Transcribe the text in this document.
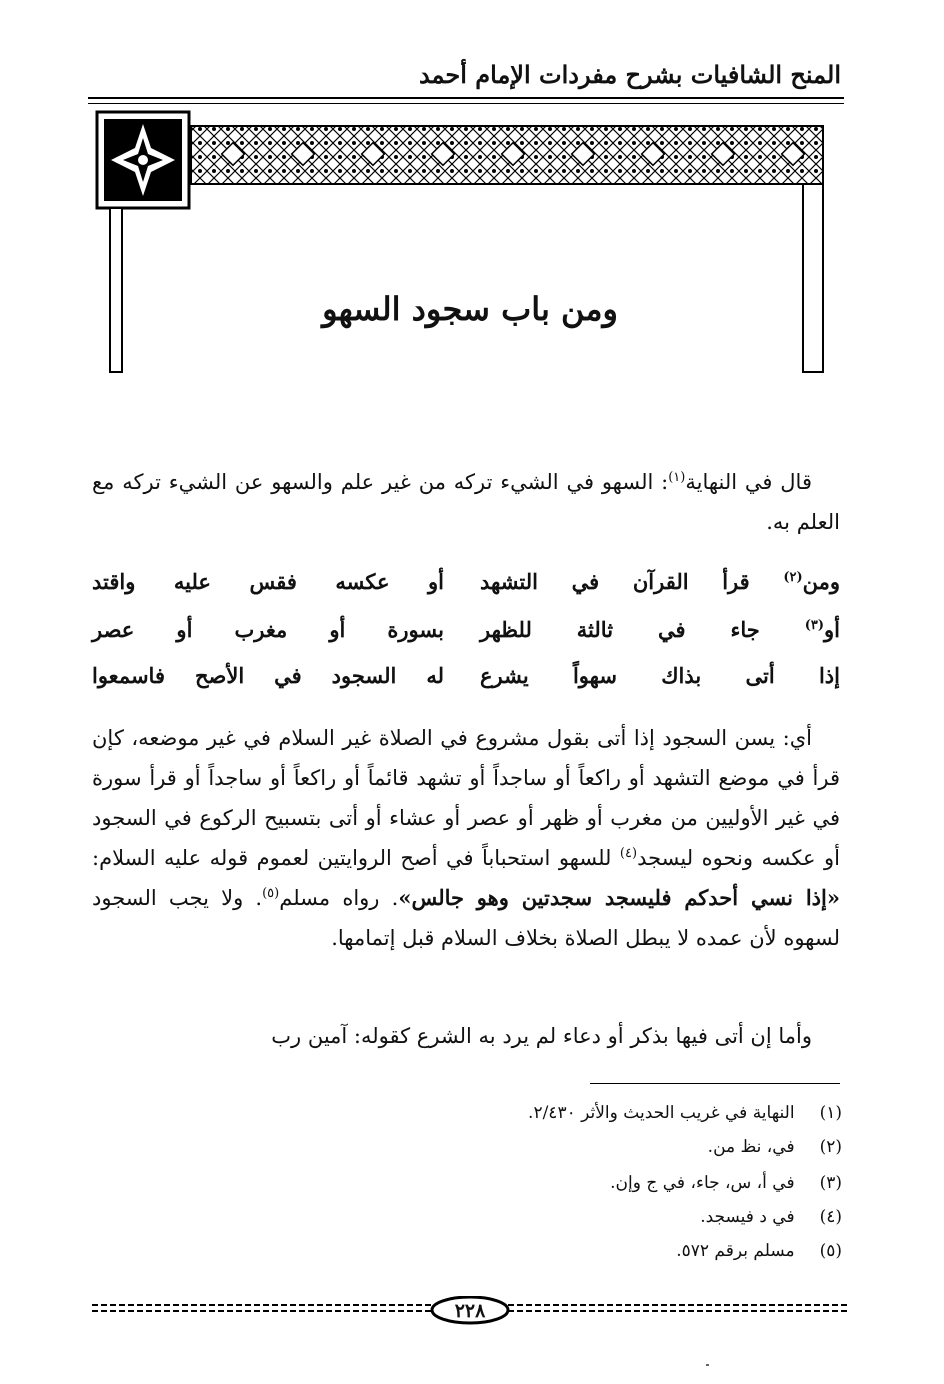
المنح الشافيات بشرح مفردات الإمام أحمد
ومن باب سجود السهو
قال في النهاية$^{(١)}$: السهو في الشيء تركه من غير علم والسهو عن الشيء تركه مع العلم به.
ومن$^{(٢)}$ قرأ القرآن في التشهد
أو عكسه فقس عليه واقتد
أو$^{(٣)}$ جاء في ثالثة للظهر
بسورة أو مغرب أو عصر
إذا أتى بذاك سهواً يشرع
له السجود في الأصح فاسمعوا
أي: يسن السجود إذا أتى بقول مشروع في الصلاة غير السلام في غير موضعه، كإن قرأ في موضع التشهد أو راكعاً أو ساجداً أو تشهد قائماً أو راكعاً أو ساجداً أو قرأ سورة في غير الأوليين من مغرب أو ظهر أو عصر أو عشاء أو أتى بتسبيح الركوع في السجود أو عكسه ونحوه ليسجد$^{(٤)}$ للسهو استحباباً في أصح الروايتين لعموم قوله عليه السلام: «إذا نسي أحدكم فليسجد سجدتين وهو جالس». رواه مسلم$^{(٥)}$. ولا يجب السجود لسهوه لأن عمده لا يبطل الصلاة بخلاف السلام قبل إتمامها.
وأما إن أتى فيها بذكر أو دعاء لم يرد به الشرع كقوله: آمين رب
(١) النهاية في غريب الحديث والأثر ٢/٤٣٠.
(٢) في، نظ من.
(٣) في أ، س، جاء، في ج وإن.
(٤) في د فيسجد.
(٥) مسلم برقم ٥٧٢.
٢٢٨
